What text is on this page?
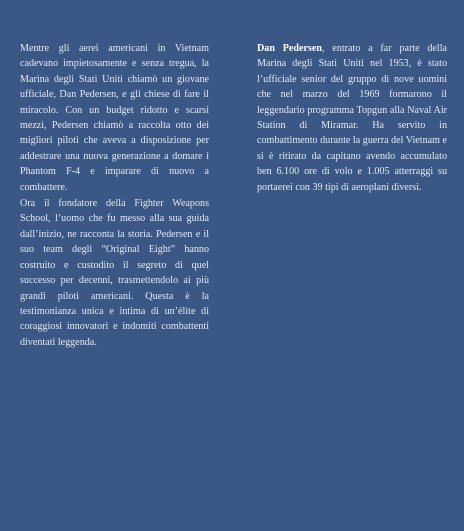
Mentre gli aerei americani in Vietnam cadevano impietosamente e senza tregua, la Marina degli Stati Uniti chiamò un giovane ufficiale, Dan Pedersen, e gli chiese di fare il miracolo. Con un budget ridotto e scarsi mezzi, Pedersen chiamò a raccolta otto dei migliori piloti che aveva a disposizione per addestrare una nuova generazione a domare i Phantom F-4 e imparare di nuovo a combattere.

Ora il fondatore della Fighter Weapons School, l’uomo che fu messo alla sua guida dall’inizio, ne racconta la storia. Pedersen e il suo team degli “Original Eight” hanno costruito e custodito il segreto di quel successo per decenni, trasmettendolo ai più grandi piloti americani. Questa è la testimonianza unica e intima di un’élite di coraggiosi innovatori e indomiti combattenti diventati leggenda.

Dan Pedersen, entrato a far parte della Marina degli Stati Uniti nel 1953, è stato l’ufficiale senior del gruppo di nove uomini che nel marzo del 1969 formarono il leggendario programma Topgun alla Naval Air Station di Miramar. Ha servito in combattimento durante la guerra del Vietnam e si è ritirato da capitano avendo accumulato ben 6.100 ore di volo e 1.005 atterraggi su portaerei con 39 tipi di aeroplani diversi.
